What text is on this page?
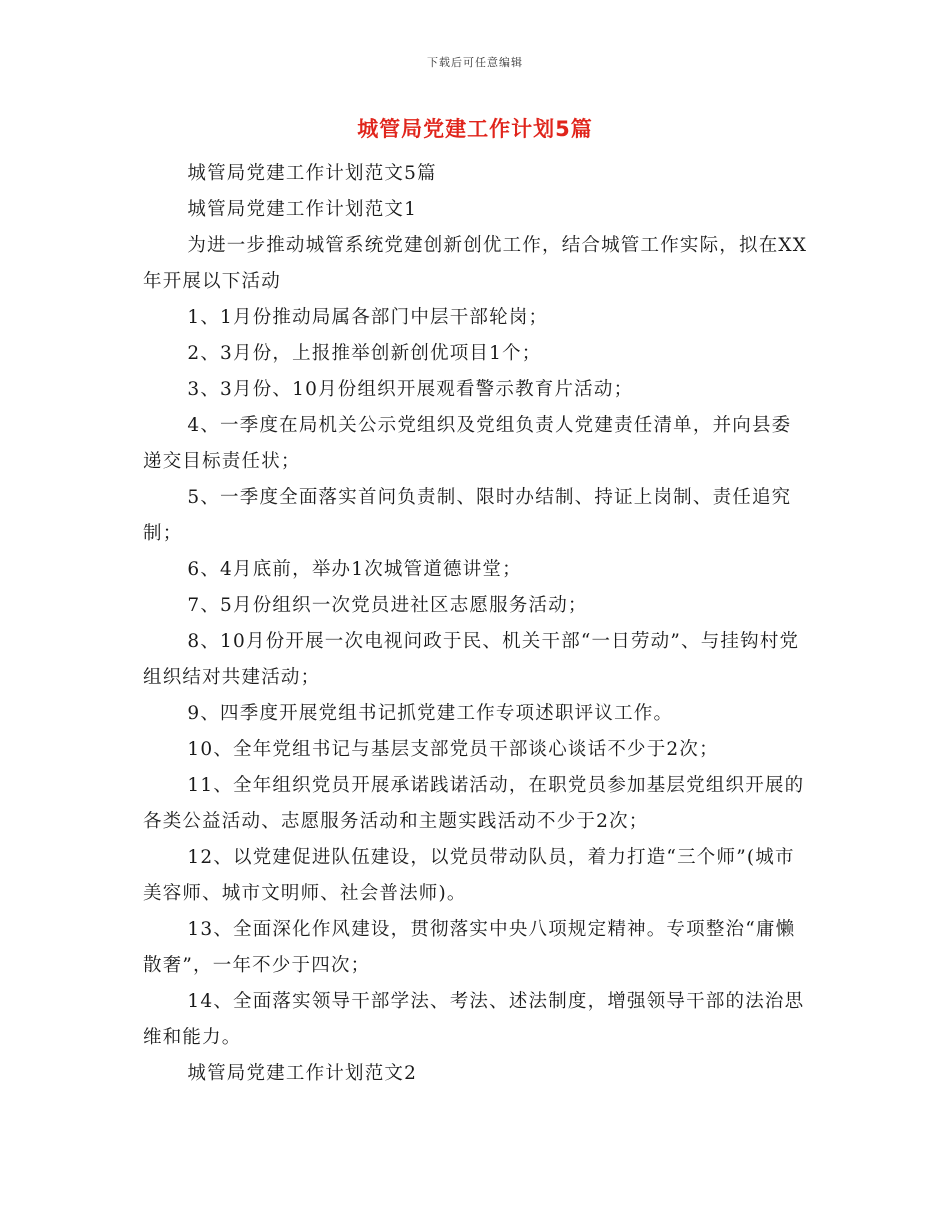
下载后可任意编辑
城管局党建工作计划5篇

城管局党建工作计划范文5篇

城管局党建工作计划范文1

为进一步推动城管系统党建创新创优工作，结合城管工作实际，拟在XX年开展以下活动

1、1月份推动局属各部门中层干部轮岗；

2、3月份，上报推举创新创优项目1个；

3、3月份、10月份组织开展观看警示教育片活动；

4、一季度在局机关公示党组织及党组负责人党建责任清单，并向县委递交目标责任状；

5、一季度全面落实首问负责制、限时办结制、持证上岗制、责任追究制；

6、4月底前，举办1次城管道德讲堂；

7、5月份组织一次党员进社区志愿服务活动；

8、10月份开展一次电视问政于民、机关干部“一日劳动”、与挂钩村党组织结对共建活动；

9、四季度开展党组书记抓党建工作专项述职评议工作。

10、全年党组书记与基层支部党员干部谈心谈话不少于2次；

11、全年组织党员开展承诺践诺活动，在职党员参加基层党组织开展的各类公益活动、志愿服务活动和主题实践活动不少于2次；

12、以党建促进队伍建设，以党员带动队员，着力打造“三个师”(城市美容师、城市文明师、社会普法师)。

13、全面深化作风建设，贯彻落实中央八项规定精神。专项整治“庸懒散奢”，一年不少于四次；

14、全面落实领导干部学法、考法、述法制度，增强领导干部的法治思维和能力。

城管局党建工作计划范文2
